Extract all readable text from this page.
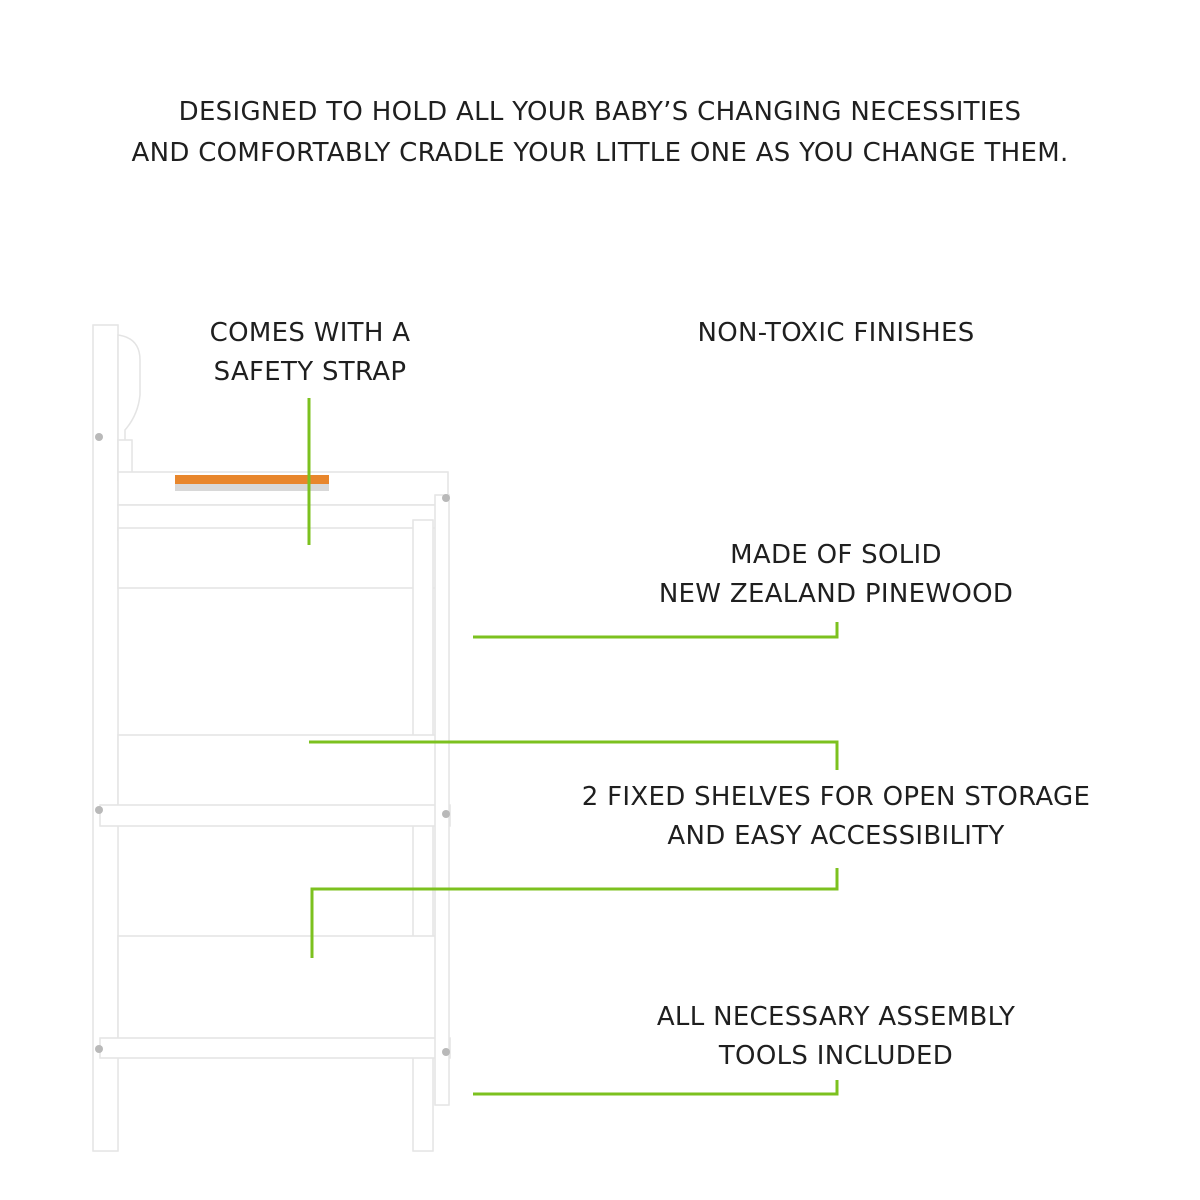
DESIGNED TO HOLD ALL YOUR BABY’S CHANGING NECESSITIES
AND COMFORTABLY CRADLE YOUR LITTLE ONE AS YOU CHANGE THEM.
COMES WITH A
SAFETY STRAP
NON-TOXIC FINISHES
MADE OF SOLID
NEW ZEALAND PINEWOOD
2 FIXED SHELVES FOR OPEN STORAGE
AND EASY ACCESSIBILITY
ALL NECESSARY ASSEMBLY
TOOLS INCLUDED
